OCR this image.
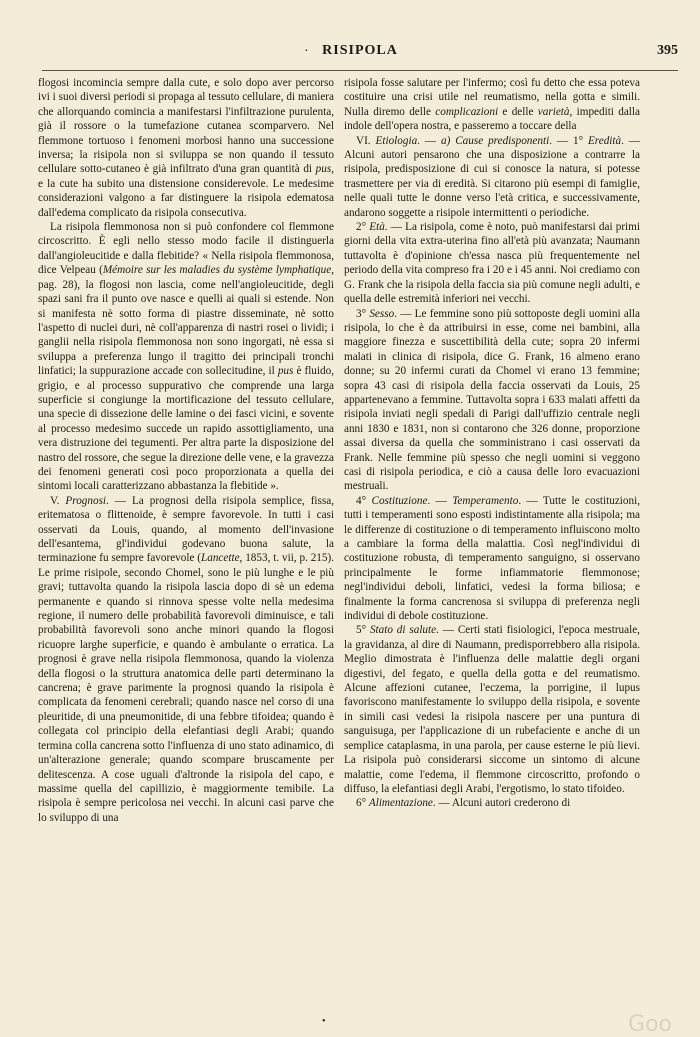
· RISIPOLA	395

flogosi incomincia sempre dalla cute, e solo dopo aver percorso ivi i suoi diversi periodi si propaga al tessuto cellulare, di maniera che allorquando comincia a manifestarsi l'infiltrazione purulenta, già il rossore o la tumefazione cutanea scomparvero. Nel flemmone tortuoso i fenomeni morbosi hanno una successione inversa; la risipola non si sviluppa se non quando il tessuto cellulare sotto-cutaneo è già infiltrato d'una gran quantità di pus, e la cute ha subito una distensione considerevole. Le medesime considerazioni valgono a far distinguere la risipola edematosa dall'edema complicato da risipola consecutiva.

La risipola flemmonosa non si può confondere col flemmone circoscritto. È egli nello stesso modo facile il distinguerla dall'angioleucitide e dalla flebitide? « Nella risipola flemmonosa, dice Velpeau (Mémoire sur les maladies du système lymphatique, pag. 28), la flogosi non lascia, come nell'angioleucitide, degli spazi sani fra il punto ove nasce e quelli ai quali si estende. Non si manifesta nè sotto forma di piastre disseminate, nè sotto l'aspetto di nuclei duri, nè coll'apparenza di nastri rosei o lividi; i ganglii nella risipola flemmonosa non sono ingorgati, nè essa si sviluppa a preferenza lungo il tragitto dei principali tronchi linfatici; la suppurazione accade con sollecitudine, il pus è fluido, grigio, e al processo suppurativo che comprende una larga superficie si congiunge la mortificazione del tessuto cellulare, una specie di dissezione delle lamine o dei fasci vicini, e sovente al processo medesimo succede un rapido assottigliamento, una vera distruzione dei tegumenti. Per altra parte la disposizione del nastro del rossore, che segue la direzione delle vene, e la gravezza dei fenomeni generati così poco proporzionata a quella dei sintomi locali caratterizzano abbastanza la flebitide ».

V. Prognosi. — La prognosi della risipola semplice, fissa, eritematosa o flittenoide, è sempre favorevole. In tutti i casi osservati da Louis, quando, al momento dell'invasione dell'esantema, gl'individui godevano buona salute, la terminazione fu sempre favorevole (Lancette, 1853, t. vii, p. 215). Le prime risipole, secondo Chomel, sono le più lunghe e le più gravi; tuttavolta quando la risipola lascia dopo di sè un edema permanente e quando si rinnova spesse volte nella medesima regione, il numero delle probabilità favorevoli diminuisce, e tali probabilità favorevoli sono anche minori quando la flogosi ricuopre larghe superficie, e quando è ambulante o erratica. La prognosi è grave nella risipola flemmonosa, quando la violenza della flogosi o la struttura anatomica delle parti determinano la cancrena; è grave parimente la prognosi quando la risipola è complicata da fenomeni cerebrali; quando nasce nel corso di una pleuritide, di una pneumonitide, di una febbre tifoidea; quando è collegata col principio della elefantiasi degli Arabi; quando termina colla cancrena sotto l'influenza di uno stato adinamico, di un'alterazione generale; quando scompare bruscamente per delitescenza. A cose uguali d'altronde la risipola del capo, e massime quella del capillizio, è maggiormente temibile. La risipola è sempre pericolosa nei vecchi. In alcuni casi parve che lo sviluppo di una

risipola fosse salutare per l'infermo; così fu detto che essa poteva costituire una crisi utile nel reumatismo, nella gotta e simili. Nulla diremo delle complicazioni e delle varietà, impediti dalla indole dell'opera nostra, e passeremo a toccare della

VI. Etiologia. — a) Cause predisponenti. — 1° Eredità. — Alcuni autori pensarono che una disposizione a contrarre la risipola, predisposizione di cui si conosce la natura, si potesse trasmettere per via di eredità. Si citarono più esempi di famiglie, nelle quali tutte le donne verso l'età critica, e successivamente, andarono soggette a risipole intermittenti o periodiche.

2° Età. — La risipola, come è noto, può manifestarsi dai primi giorni della vita extra-uterina fino all'età più avanzata; Naumann tuttavolta è d'opinione ch'essa nasca più frequentemente nel periodo della vita compreso fra i 20 e i 45 anni. Noi crediamo con G. Frank che la risipola della faccia sia più comune negli adulti, e quella delle estremità inferiori nei vecchi.

3° Sesso. — Le femmine sono più sottoposte degli uomini alla risipola, lo che è da attribuirsi in esse, come nei bambini, alla maggiore finezza e suscettibilità della cute; sopra 20 infermi malati in clinica di risipola, dice G. Frank, 16 almeno erano donne; su 20 infermi curati da Chomel vi erano 13 femmine; sopra 43 casi di risipola della faccia osservati da Louis, 25 appartenevano a femmine. Tuttavolta sopra i 633 malati affetti da risipola inviati negli spedali di Parigi dall'uffizio centrale negli anni 1830 e 1831, non si contarono che 326 donne, proporzione assai diversa da quella che somministrano i casi osservati da Frank. Nelle femmine più spesso che negli uomini si veggono casi di risipola periodica, e ciò a causa delle loro evacuazioni mestruali.

4° Costituzione. — Temperamento. — Tutte le costituzioni, tutti i temperamenti sono esposti indistintamente alla risipola; ma le differenze di costituzione o di temperamento influiscono molto a cambiare la forma della malattia. Così negl'individui di costituzione robusta, di temperamento sanguigno, si osservano principalmente le forme infiammatorie flemmonose; negl'individui deboli, linfatici, vedesi la forma biliosa; e finalmente la forma cancrenosa si sviluppa di preferenza negli individui di debole costituzione.

5° Stato di salute. — Certi stati fisiologici, l'epoca mestruale, la gravidanza, al dire di Naumann, predisporrebbero alla risipola. Meglio dimostrata è l'influenza delle malattie degli organi digestivi, del fegato, e quella della gotta e del reumatismo. Alcune affezioni cutanee, l'eczema, la porrigine, il lupus favoriscono manifestamente lo sviluppo della risipola, e sovente in simili casi vedesi la risipola nascere per una puntura di sanguisuga, per l'applicazione di un rubefaciente e anche di un semplice cataplasma, in una parola, per cause esterne le più lievi. La risipola può considerarsi siccome un sintomo di alcune malattie, come l'edema, il flemmone circoscritto, profondo o diffuso, la elefantiasi degli Arabi, l'ergotismo, lo stato tifoideo.

6° Alimentazione. — Alcuni autori crederono di

•	Goo
